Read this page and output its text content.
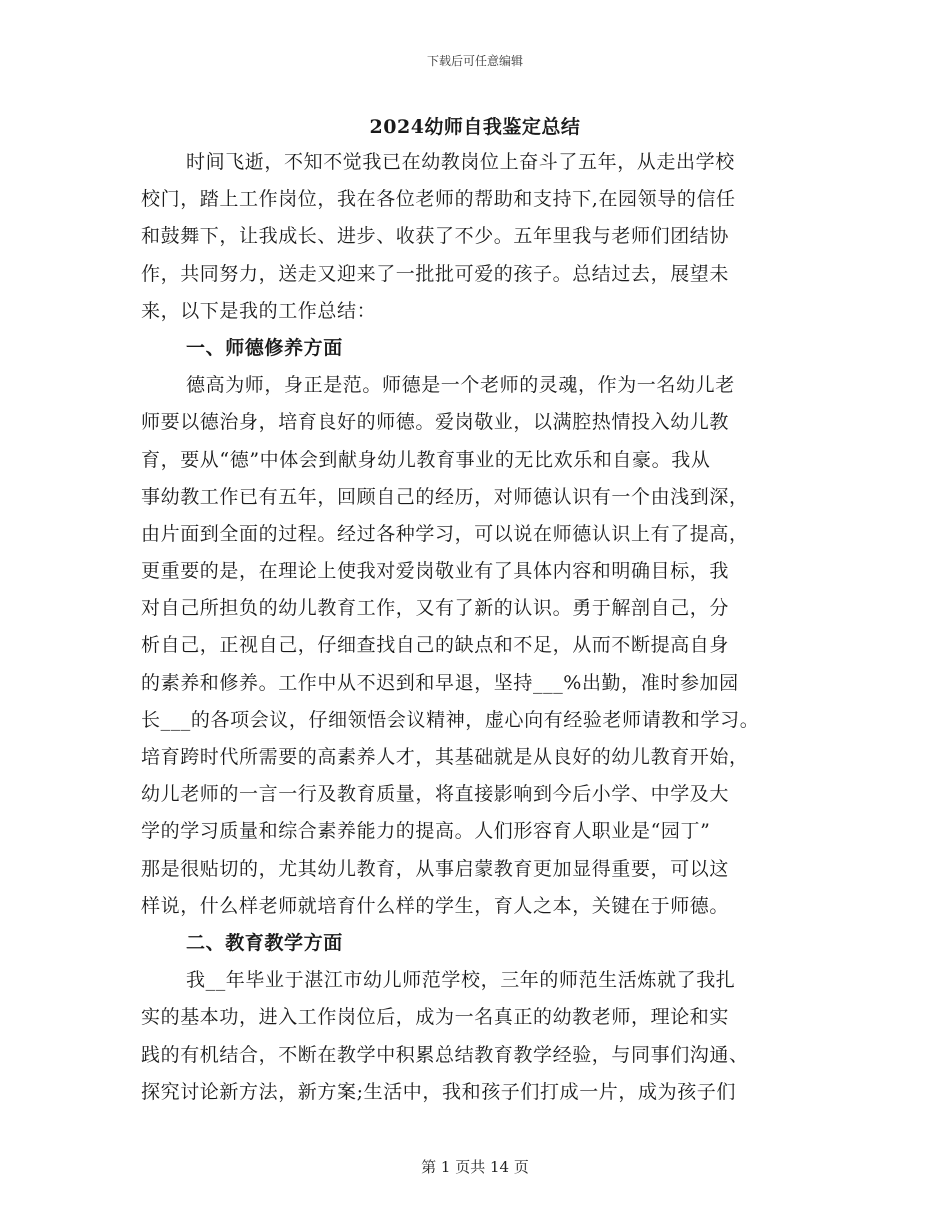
下载后可任意编辑
2024幼师自我鉴定总结
时间飞逝，不知不觉我已在幼教岗位上奋斗了五年，从走出学校
校门，踏上工作岗位，我在各位老师的帮助和支持下,在园领导的信任
和鼓舞下，让我成长、进步、收获了不少。五年里我与老师们团结协
作，共同努力，送走又迎来了一批批可爱的孩子。总结过去，展望未
来，以下是我的工作总结：
一、师德修养方面
德高为师，身正是范。师德是一个老师的灵魂，作为一名幼儿老
师要以德治身，培育良好的师德。爱岗敬业，以满腔热情投入幼儿教
育，要从“德”中体会到献身幼儿教育事业的无比欢乐和自豪。我从
事幼教工作已有五年，回顾自己的经历，对师德认识有一个由浅到深，
由片面到全面的过程。经过各种学习，可以说在师德认识上有了提高，
更重要的是，在理论上使我对爱岗敬业有了具体内容和明确目标，我
对自己所担负的幼儿教育工作，又有了新的认识。勇于解剖自己，分
析自己，正视自己，仔细查找自己的缺点和不足，从而不断提高自身
的素养和修养。工作中从不迟到和早退，坚持___%出勤，准时参加园
长___的各项会议，仔细领悟会议精神，虚心向有经验老师请教和学习。
培育跨时代所需要的高素养人才，其基础就是从良好的幼儿教育开始，
幼儿老师的一言一行及教育质量，将直接影响到今后小学、中学及大
学的学习质量和综合素养能力的提高。人们形容育人职业是“园丁”
那是很贴切的，尤其幼儿教育，从事启蒙教育更加显得重要，可以这
样说，什么样老师就培育什么样的学生，育人之本，关键在于师德。
二、教育教学方面
我__年毕业于湛江市幼儿师范学校，三年的师范生活炼就了我扎
实的基本功，进入工作岗位后，成为一名真正的幼教老师，理论和实
践的有机结合，不断在教学中积累总结教育教学经验，与同事们沟通、
探究讨论新方法，新方案;生活中，我和孩子们打成一片，成为孩子们
第 1 页共 14 页
